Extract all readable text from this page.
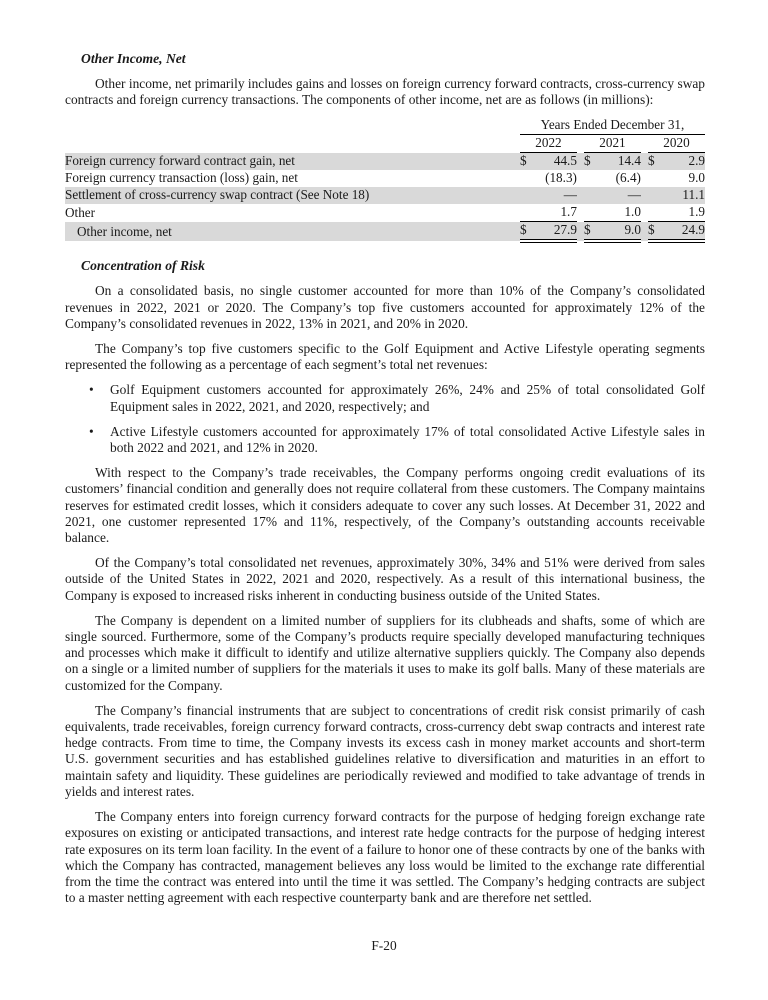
Other Income, Net

Other income, net primarily includes gains and losses on foreign currency forward contracts, cross-currency swap contracts and foreign currency transactions. The components of other income, net are as follows (in millions):

		Years Ended December 31,							
		2022			2021			2020	
Foreign currency forward contract gain, net		$	44.5		$	14.4		$	2.9
Foreign currency transaction (loss) gain, net			(18.3)			(6.4)			9.0
Settlement of cross-currency swap contract (See Note 18)			—			—			11.1
Other			1.7			1.0			1.9
Other income, net		$	27.9		$	9.0		$	24.9
Concentration of Risk

On a consolidated basis, no single customer accounted for more than 10% of the Company’s consolidated revenues in 2022, 2021 or 2020. The Company’s top five customers accounted for approximately 12% of the Company’s consolidated revenues in 2022, 13% in 2021, and 20% in 2020.

The Company’s top five customers specific to the Golf Equipment and Active Lifestyle operating segments represented the following as a percentage of each segment’s total net revenues:

• Golf Equipment customers accounted for approximately 26%, 24% and 25% of total consolidated Golf Equipment sales in 2022, 2021, and 2020, respectively; and
• Active Lifestyle customers accounted for approximately 17% of total consolidated Active Lifestyle sales in both 2022 and 2021, and 12% in 2020.

With respect to the Company’s trade receivables, the Company performs ongoing credit evaluations of its customers’ financial condition and generally does not require collateral from these customers. The Company maintains reserves for estimated credit losses, which it considers adequate to cover any such losses. At December 31, 2022 and 2021, one customer represented 17% and 11%, respectively, of the Company’s outstanding accounts receivable balance.

Of the Company’s total consolidated net revenues, approximately 30%, 34% and 51% were derived from sales outside of the United States in 2022, 2021 and 2020, respectively. As a result of this international business, the Company is exposed to increased risks inherent in conducting business outside of the United States.

The Company is dependent on a limited number of suppliers for its clubheads and shafts, some of which are single sourced. Furthermore, some of the Company’s products require specially developed manufacturing techniques and processes which make it difficult to identify and utilize alternative suppliers quickly. The Company also depends on a single or a limited number of suppliers for the materials it uses to make its golf balls. Many of these materials are customized for the Company.

The Company’s financial instruments that are subject to concentrations of credit risk consist primarily of cash equivalents, trade receivables, foreign currency forward contracts, cross-currency debt swap contracts and interest rate hedge contracts. From time to time, the Company invests its excess cash in money market accounts and short-term U.S. government securities and has established guidelines relative to diversification and maturities in an effort to maintain safety and liquidity. These guidelines are periodically reviewed and modified to take advantage of trends in yields and interest rates.

The Company enters into foreign currency forward contracts for the purpose of hedging foreign exchange rate exposures on existing or anticipated transactions, and interest rate hedge contracts for the purpose of hedging interest rate exposures on its term loan facility. In the event of a failure to honor one of these contracts by one of the banks with which the Company has contracted, management believes any loss would be limited to the exchange rate differential from the time the contract was entered into until the time it was settled. The Company’s hedging contracts are subject to a master netting agreement with each respective counterparty bank and are therefore net settled.

F-20
